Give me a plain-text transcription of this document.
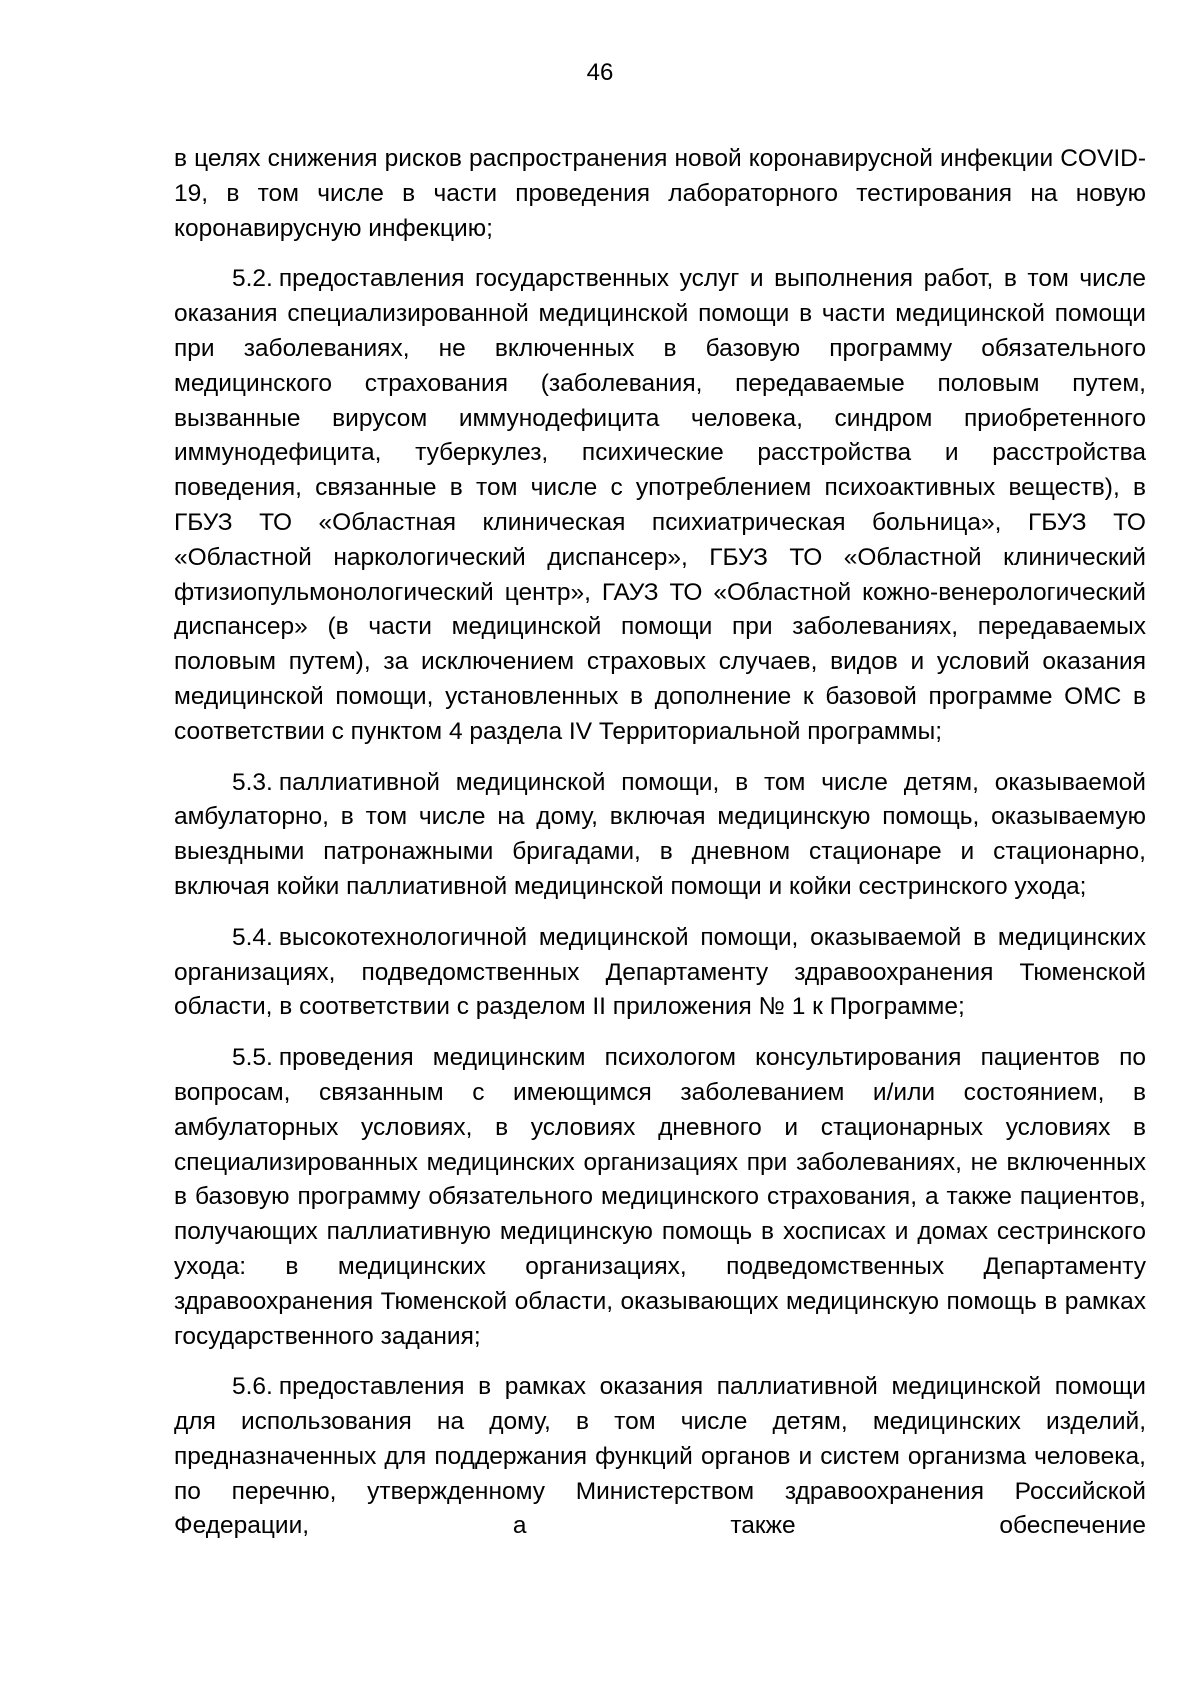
46

в целях снижения рисков распространения новой коронавирусной инфекции COVID-19, в том числе в части проведения лабораторного тестирования на новую коронавирусную инфекцию;

5.2. предоставления государственных услуг и выполнения работ, в том числе оказания специализированной медицинской помощи в части медицинской помощи при заболеваниях, не включенных в базовую программу обязательного медицинского страхования (заболевания, передаваемые половым путем, вызванные вирусом иммунодефицита человека, синдром приобретенного иммунодефицита, туберкулез, психические расстройства и расстройства поведения, связанные в том числе с употреблением психоактивных веществ), в ГБУЗ ТО «Областная клиническая психиатрическая больница», ГБУЗ ТО «Областной наркологический диспансер», ГБУЗ ТО «Областной клинический фтизиопульмонологический центр», ГАУЗ ТО «Областной кожно-венерологический диспансер» (в части медицинской помощи при заболеваниях, передаваемых половым путем), за исключением страховых случаев, видов и условий оказания медицинской помощи, установленных в дополнение к базовой программе ОМС в соответствии с пунктом 4 раздела IV Территориальной программы;

5.3. паллиативной медицинской помощи, в том числе детям, оказываемой амбулаторно, в том числе на дому, включая медицинскую помощь, оказываемую выездными патронажными бригадами, в дневном стационаре и стационарно, включая койки паллиативной медицинской помощи и койки сестринского ухода;

5.4. высокотехнологичной медицинской помощи, оказываемой в медицинских организациях, подведомственных Департаменту здравоохранения Тюменской области, в соответствии с разделом II приложения № 1 к Программе;

5.5. проведения медицинским психологом консультирования пациентов по вопросам, связанным с имеющимся заболеванием и/или состоянием, в амбулаторных условиях, в условиях дневного и стационарных условиях в специализированных медицинских организациях при заболеваниях, не включенных в базовую программу обязательного медицинского страхования, а также пациентов, получающих паллиативную медицинскую помощь в хосписах и домах сестринского ухода: в медицинских организациях, подведомственных Департаменту здравоохранения Тюменской области, оказывающих медицинскую помощь в рамках государственного задания;

5.6. предоставления в рамках оказания паллиативной медицинской помощи для использования на дому, в том числе детям, медицинских изделий, предназначенных для поддержания функций органов и систем организма человека, по перечню, утвержденному Министерством здравоохранения Российской Федерации, а также обеспечение
